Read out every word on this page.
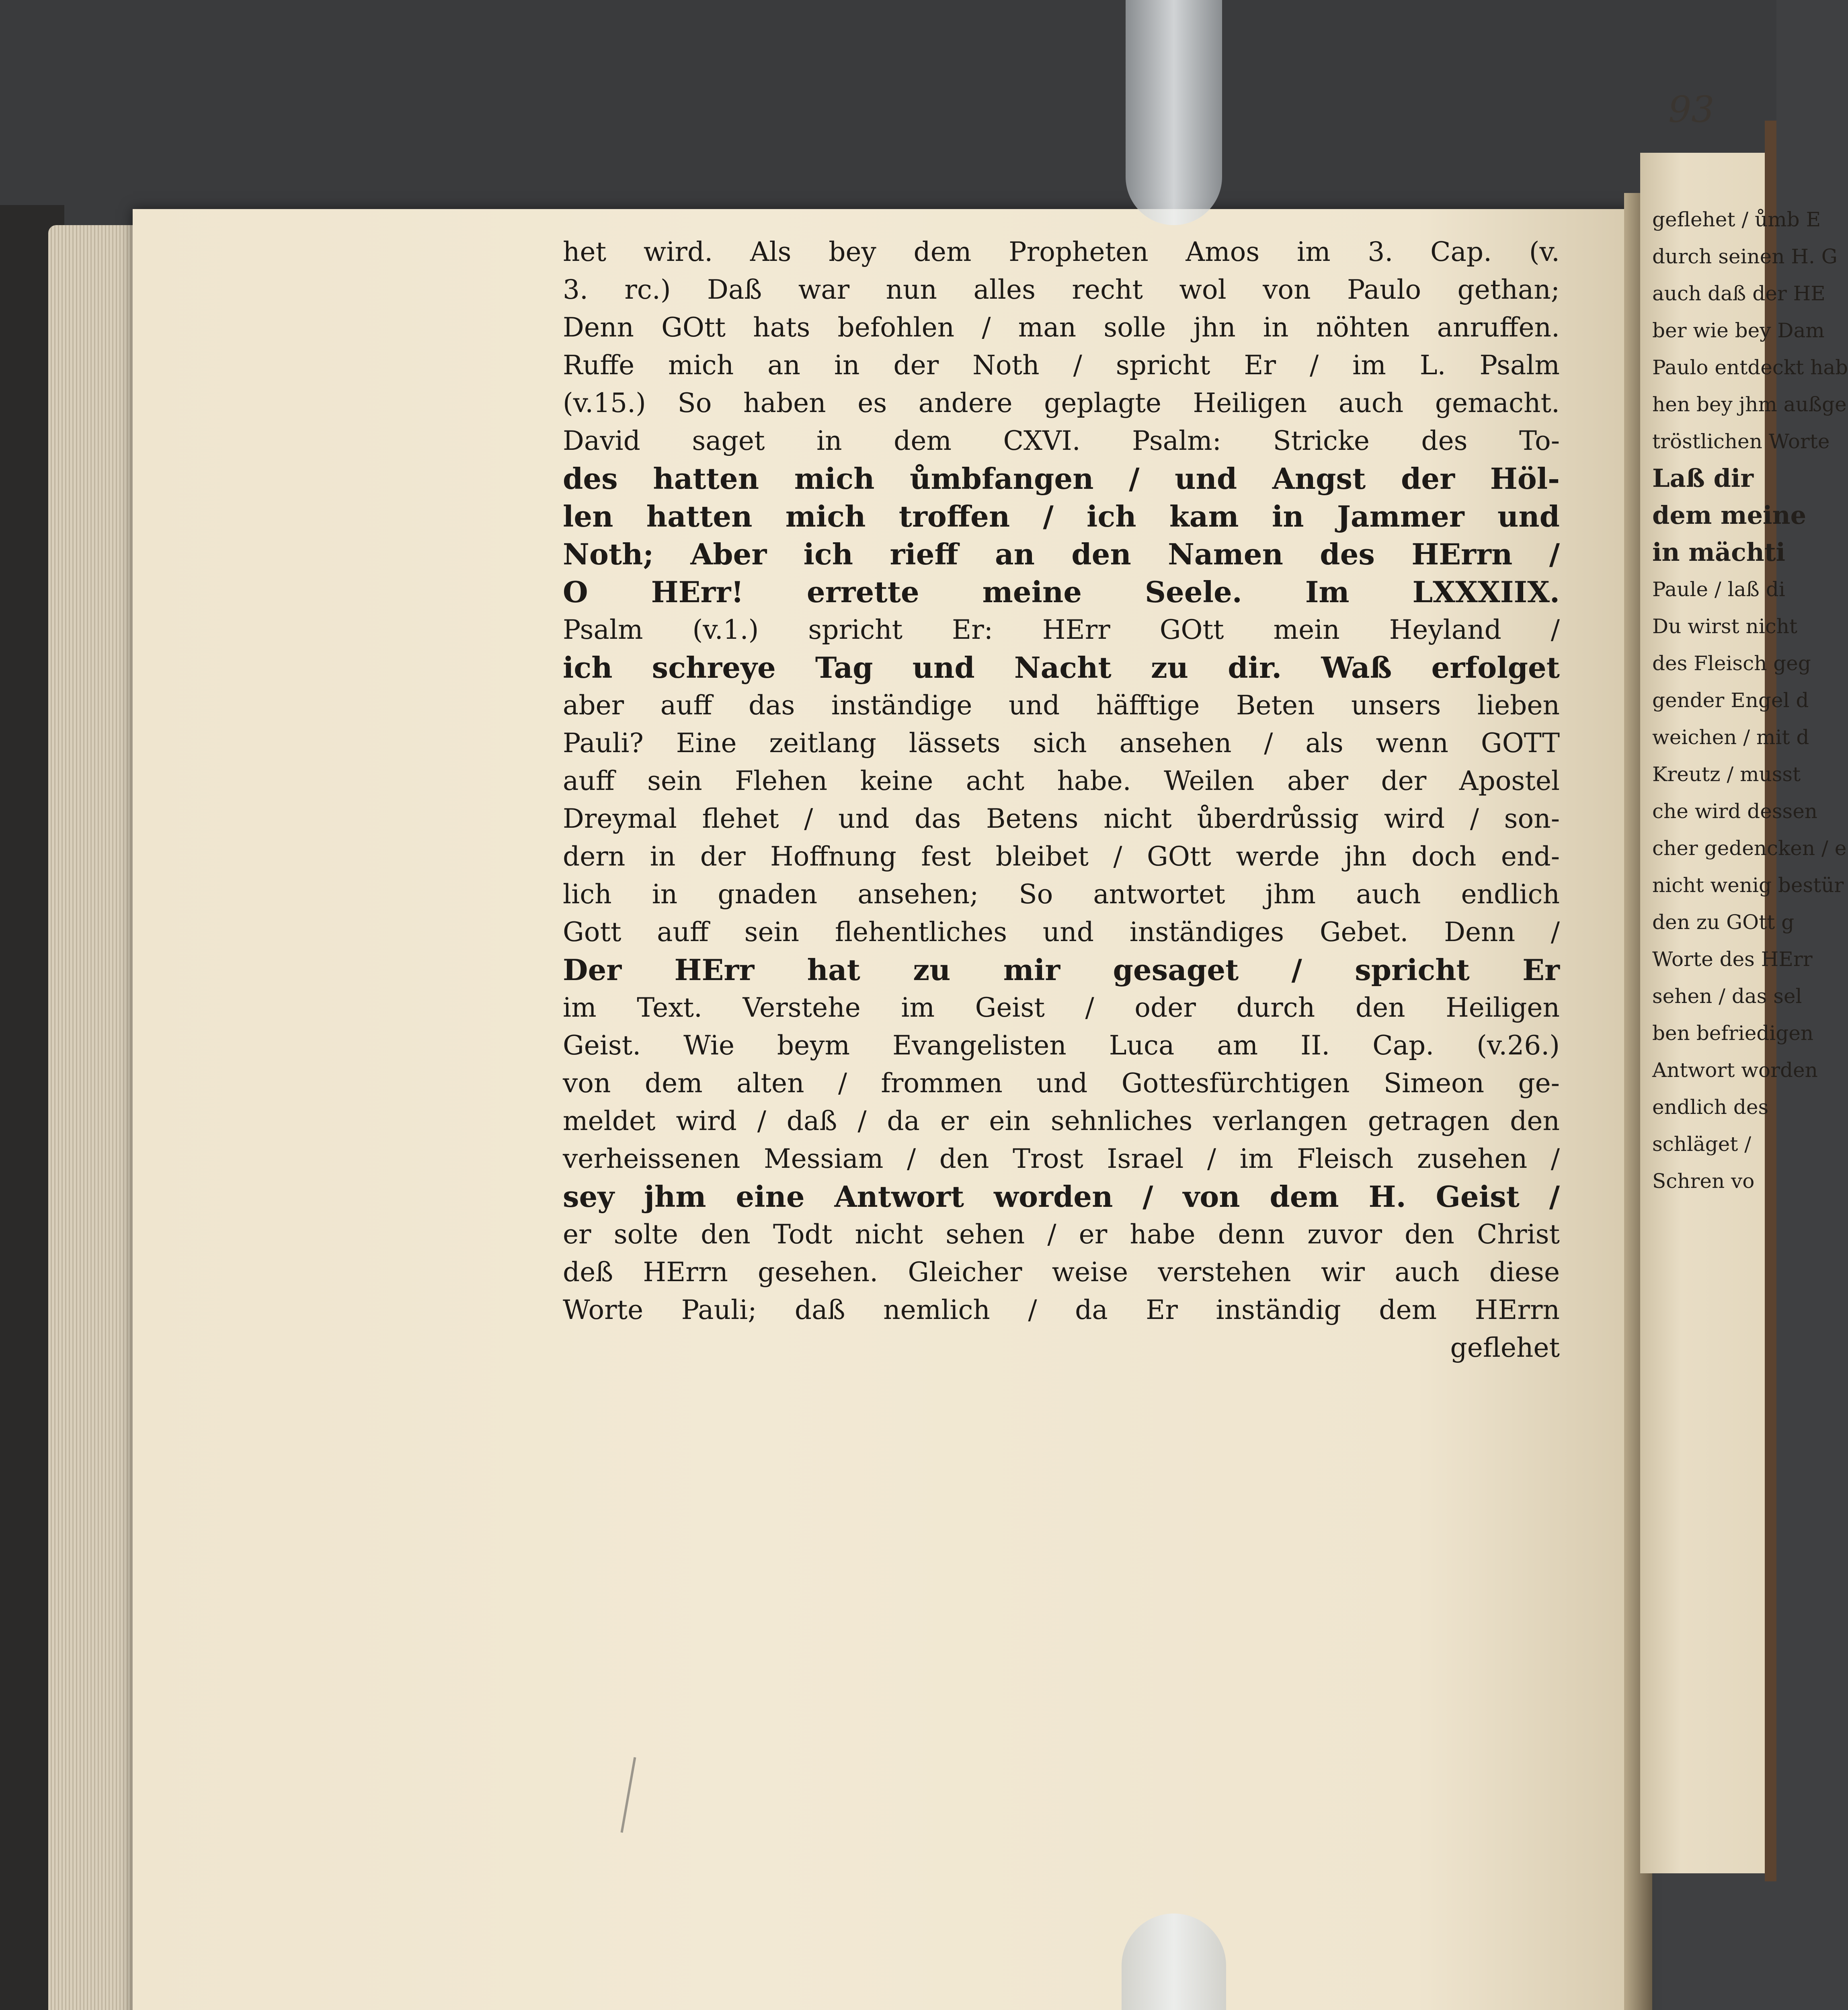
het wird. Als bey dem Propheten Amos im 3. Cap. (v.
3. rc.) Daß war nun alles recht wol von Paulo gethan;
Denn GOtt hats befohlen / man solle jhn in nöhten anruffen.
Ruffe mich an in der Noth / spricht Er / im L. Psalm
(v.15.) So haben es andere geplagte Heiligen auch gemacht.
David saget in dem CXVI. Psalm: Stricke des To-
des hatten mich ůmbfangen / und Angst der Höl-
len hatten mich troffen / ich kam in Jammer und
Noth; Aber ich rieff an den Namen des HErrn /
O HErr! errette meine Seele. Im LXXXIIX.
Psalm (v.1.) spricht Er: HErr GOtt mein Heyland /
ich schreye Tag und Nacht zu dir. Waß erfolget
aber auff das inständige und häfftige Beten unsers lieben
Pauli? Eine zeitlang lässets sich ansehen / als wenn GOTT
auff sein Flehen keine acht habe. Weilen aber der Apostel
Dreymal flehet / und das Betens nicht ůberdrůssig wird / son-
dern in der Hoffnung fest bleibet / GOtt werde jhn doch end-
lich in gnaden ansehen; So antwortet jhm auch endlich
Gott auff sein flehentliches und inständiges Gebet. Denn /
Der HErr hat zu mir gesaget / spricht Er
im Text. Verstehe im Geist / oder durch den Heiligen
Geist. Wie beym Evangelisten Luca am II. Cap. (v.26.)
von dem alten / frommen und Gottesfürchtigen Simeon ge-
meldet wird / daß / da er ein sehnliches verlangen getragen den
verheissenen Messiam / den Trost Israel / im Fleisch zusehen /
sey jhm eine Antwort worden / von dem H. Geist /
er solte den Todt nicht sehen / er habe denn zuvor den Christ
deß HErrn gesehen. Gleicher weise verstehen wir auch diese
Worte Pauli; daß nemlich / da Er inständig dem HErrn
geflehet
93
geflehet / ůmb E
durch seinen H. G
auch daß der HE
ber wie bey Dam
Paulo entdeckt hab
hen bey jhm außge
tröstlichen Worte
Laß dir
dem meine
in mächti
Paule / laß di
Du wirst nicht
des Fleisch geg
gender Engel d
weichen / mit d
Kreutz / musst
che wird dessen
cher gedencken / e
nicht wenig bestür
den zu GOtt g
Worte des HErr
sehen / das sel
ben befriedigen
Antwort worden
endlich des
schläget /
Schren vo
